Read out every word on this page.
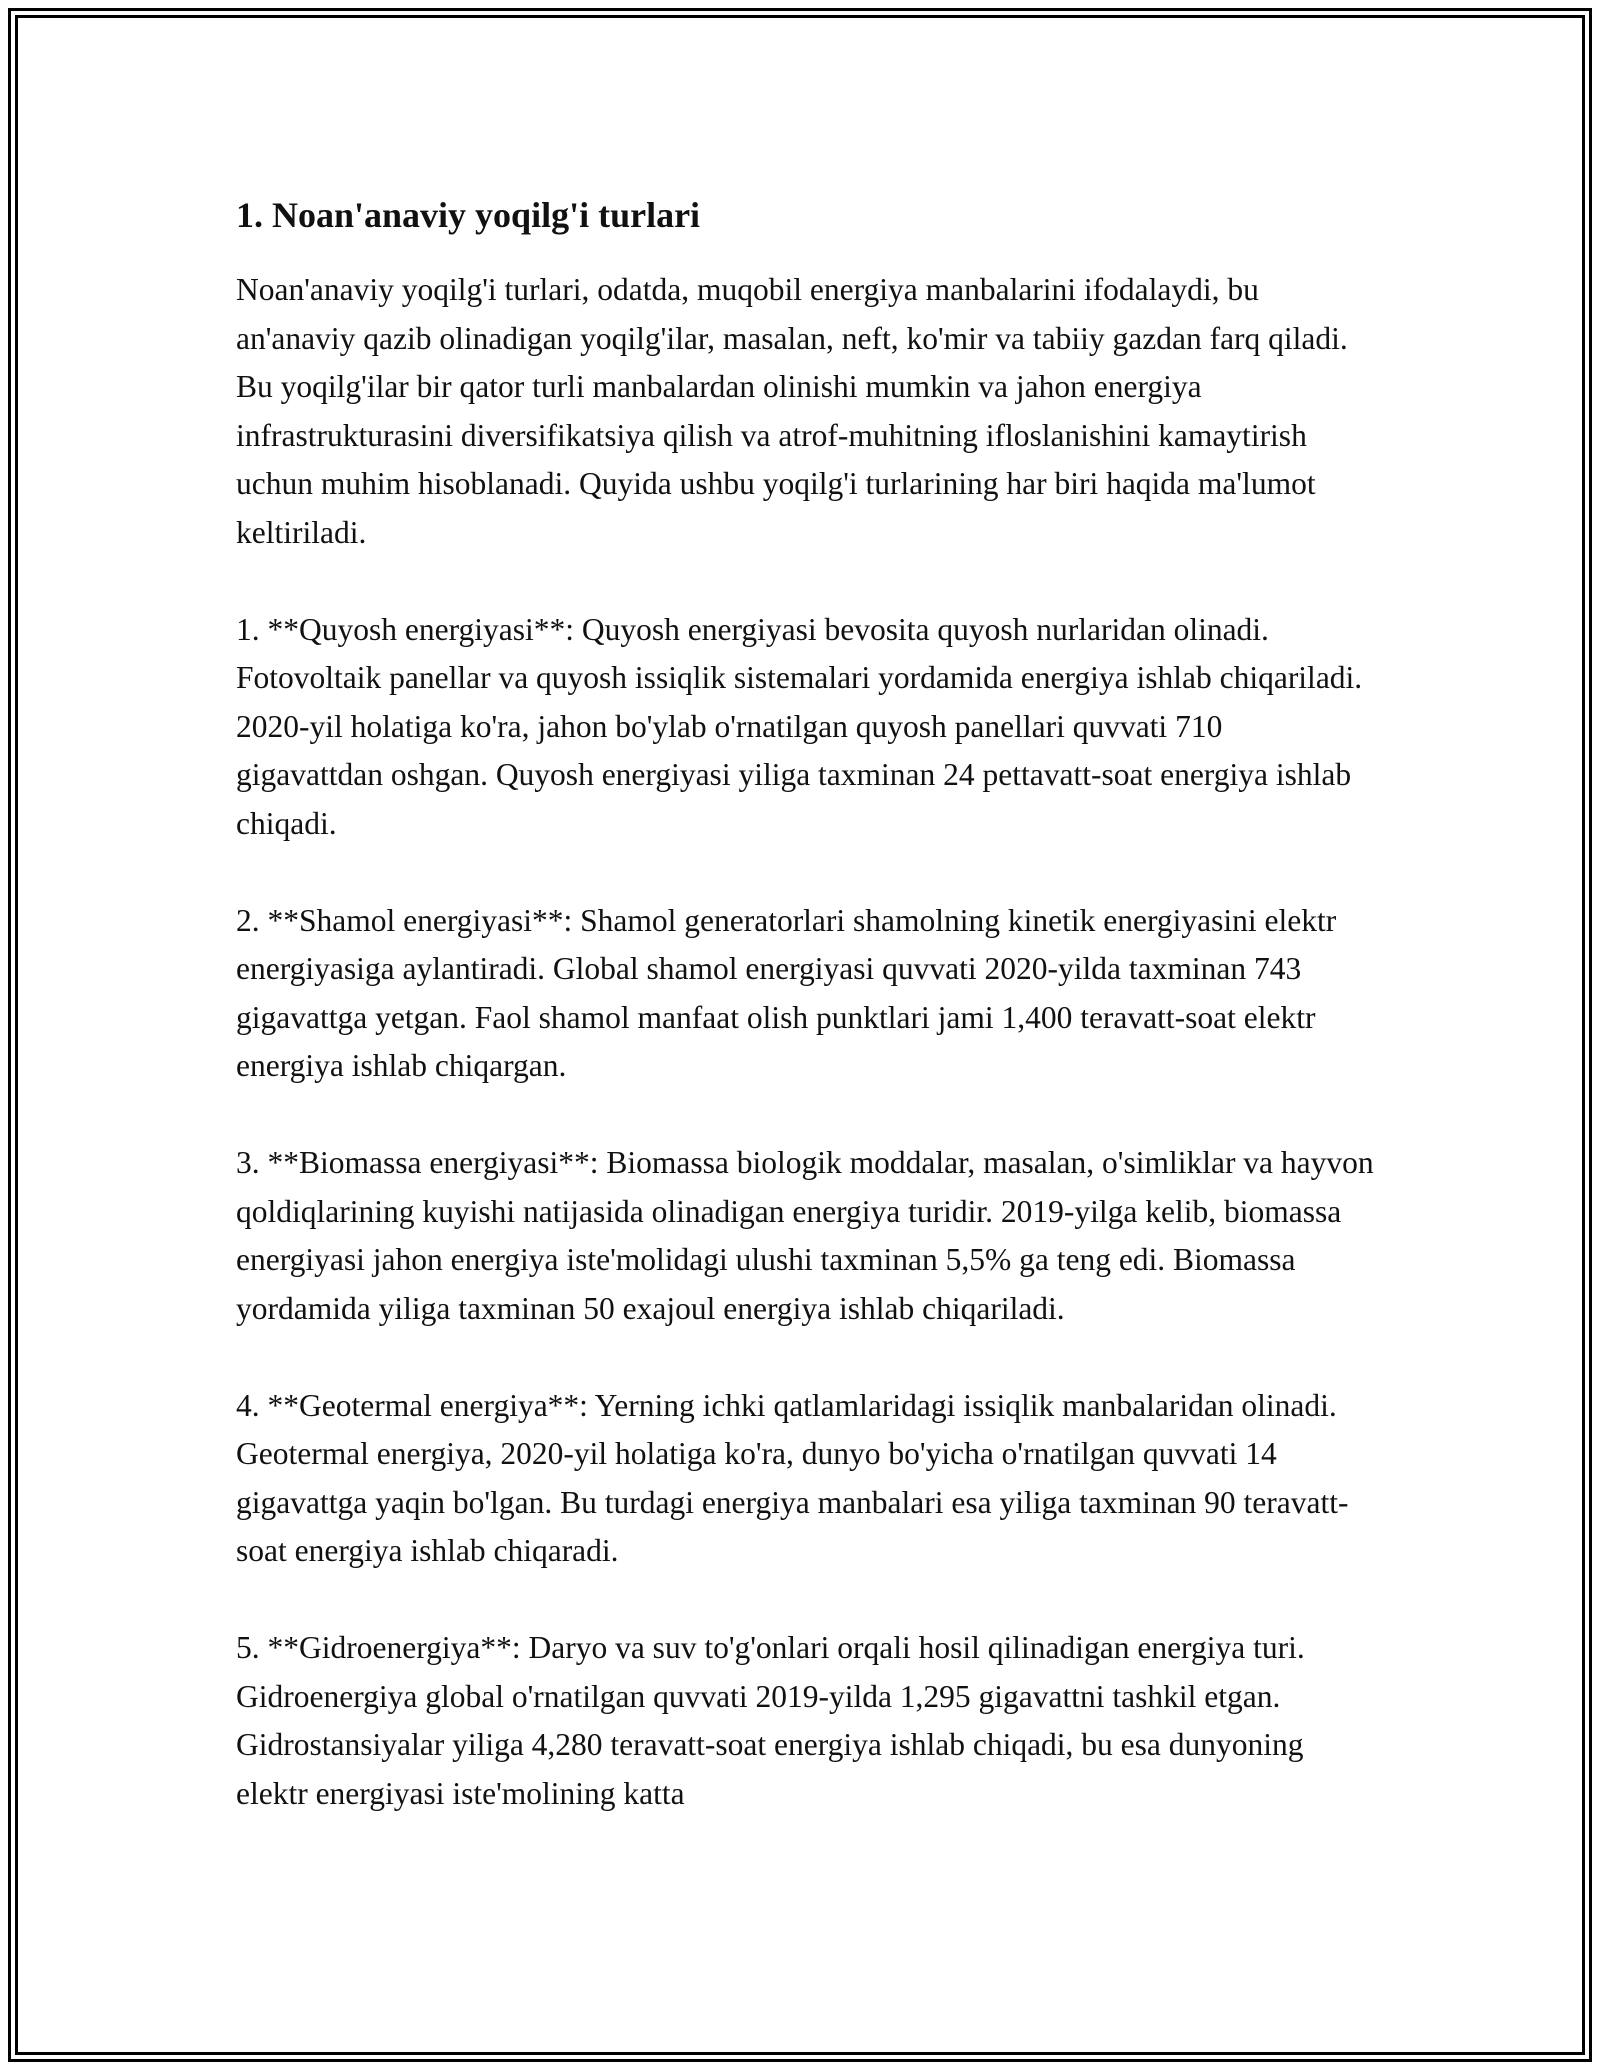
1. Noan'anaviy yoqilg'i turlari

Noan'anaviy yoqilg'i turlari, odatda, muqobil energiya manbalarini ifodalaydi, bu an'anaviy qazib olinadigan yoqilg'ilar, masalan, neft, ko'mir va tabiiy gazdan farq qiladi. Bu yoqilg'ilar bir qator turli manbalardan olinishi mumkin va jahon energiya infrastrukturasini diversifikatsiya qilish va atrof-muhitning ifloslanishini kamaytirish uchun muhim hisoblanadi. Quyida ushbu yoqilg'i turlarining har biri haqida ma'lumot keltiriladi.

1. **Quyosh energiyasi**: Quyosh energiyasi bevosita quyosh nurlaridan olinadi. Fotovoltaik panellar va quyosh issiqlik sistemalari yordamida energiya ishlab chiqariladi. 2020-yil holatiga ko'ra, jahon bo'ylab o'rnatilgan quyosh panellari quvvati 710 gigavattdan oshgan. Quyosh energiyasi yiliga taxminan 24 pettavatt-soat energiya ishlab chiqadi.

2. **Shamol energiyasi**: Shamol generatorlari shamolning kinetik energiyasini elektr energiyasiga aylantiradi. Global shamol energiyasi quvvati 2020-yilda taxminan 743 gigavattga yetgan. Faol shamol manfaat olish punktlari jami 1,400 teravatt-soat elektr energiya ishlab chiqargan.

3. **Biomassa energiyasi**: Biomassa biologik moddalar, masalan, o'simliklar va hayvon qoldiqlarining kuyishi natijasida olinadigan energiya turidir. 2019-yilga kelib, biomassa energiyasi jahon energiya iste'molidagi ulushi taxminan 5,5% ga teng edi. Biomassa yordamida yiliga taxminan 50 exajoul energiya ishlab chiqariladi.

4. **Geotermal energiya**: Yerning ichki qatlamlaridagi issiqlik manbalaridan olinadi. Geotermal energiya, 2020-yil holatiga ko'ra, dunyo bo'yicha o'rnatilgan quvvati 14 gigavattga yaqin bo'lgan. Bu turdagi energiya manbalari esa yiliga taxminan 90 teravatt-soat energiya ishlab chiqaradi.

5. **Gidroenergiya**: Daryo va suv to'g'onlari orqali hosil qilinadigan energiya turi. Gidroenergiya global o'rnatilgan quvvati 2019-yilda 1,295 gigavattni tashkil etgan. Gidrostansiyalar yiliga 4,280 teravatt-soat energiya ishlab chiqadi, bu esa dunyoning elektr energiyasi iste'molining katta
